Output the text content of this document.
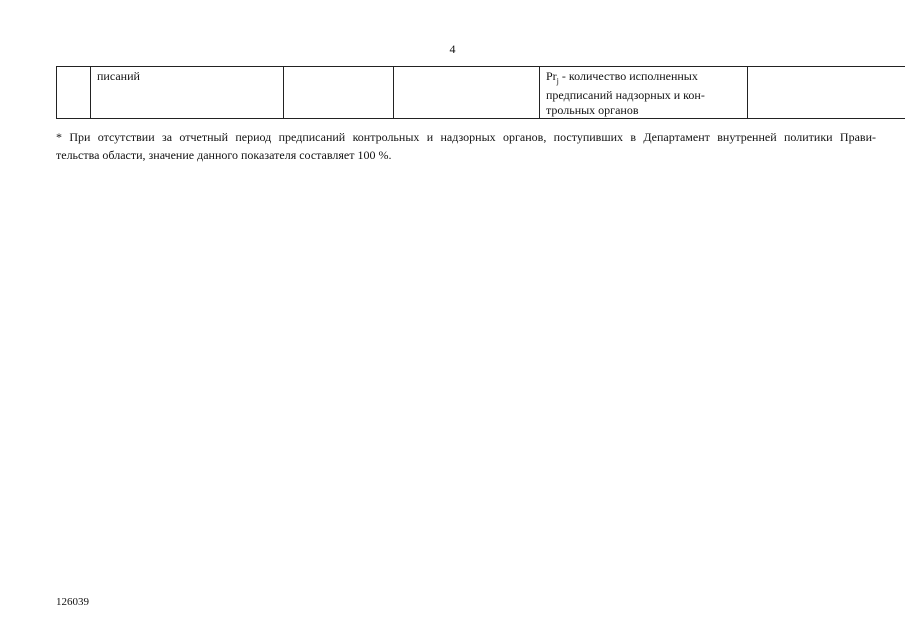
4

писаний			$Pr_j$ - количество исполненных
предписаний надзорных и кон-
трольных органов

* При отсутствии за отчетный период предписаний контрольных и надзорных органов, поступивших в Департамент внутренней политики Прави-
тельства области, значение данного показателя составляет 100 %.
126039
